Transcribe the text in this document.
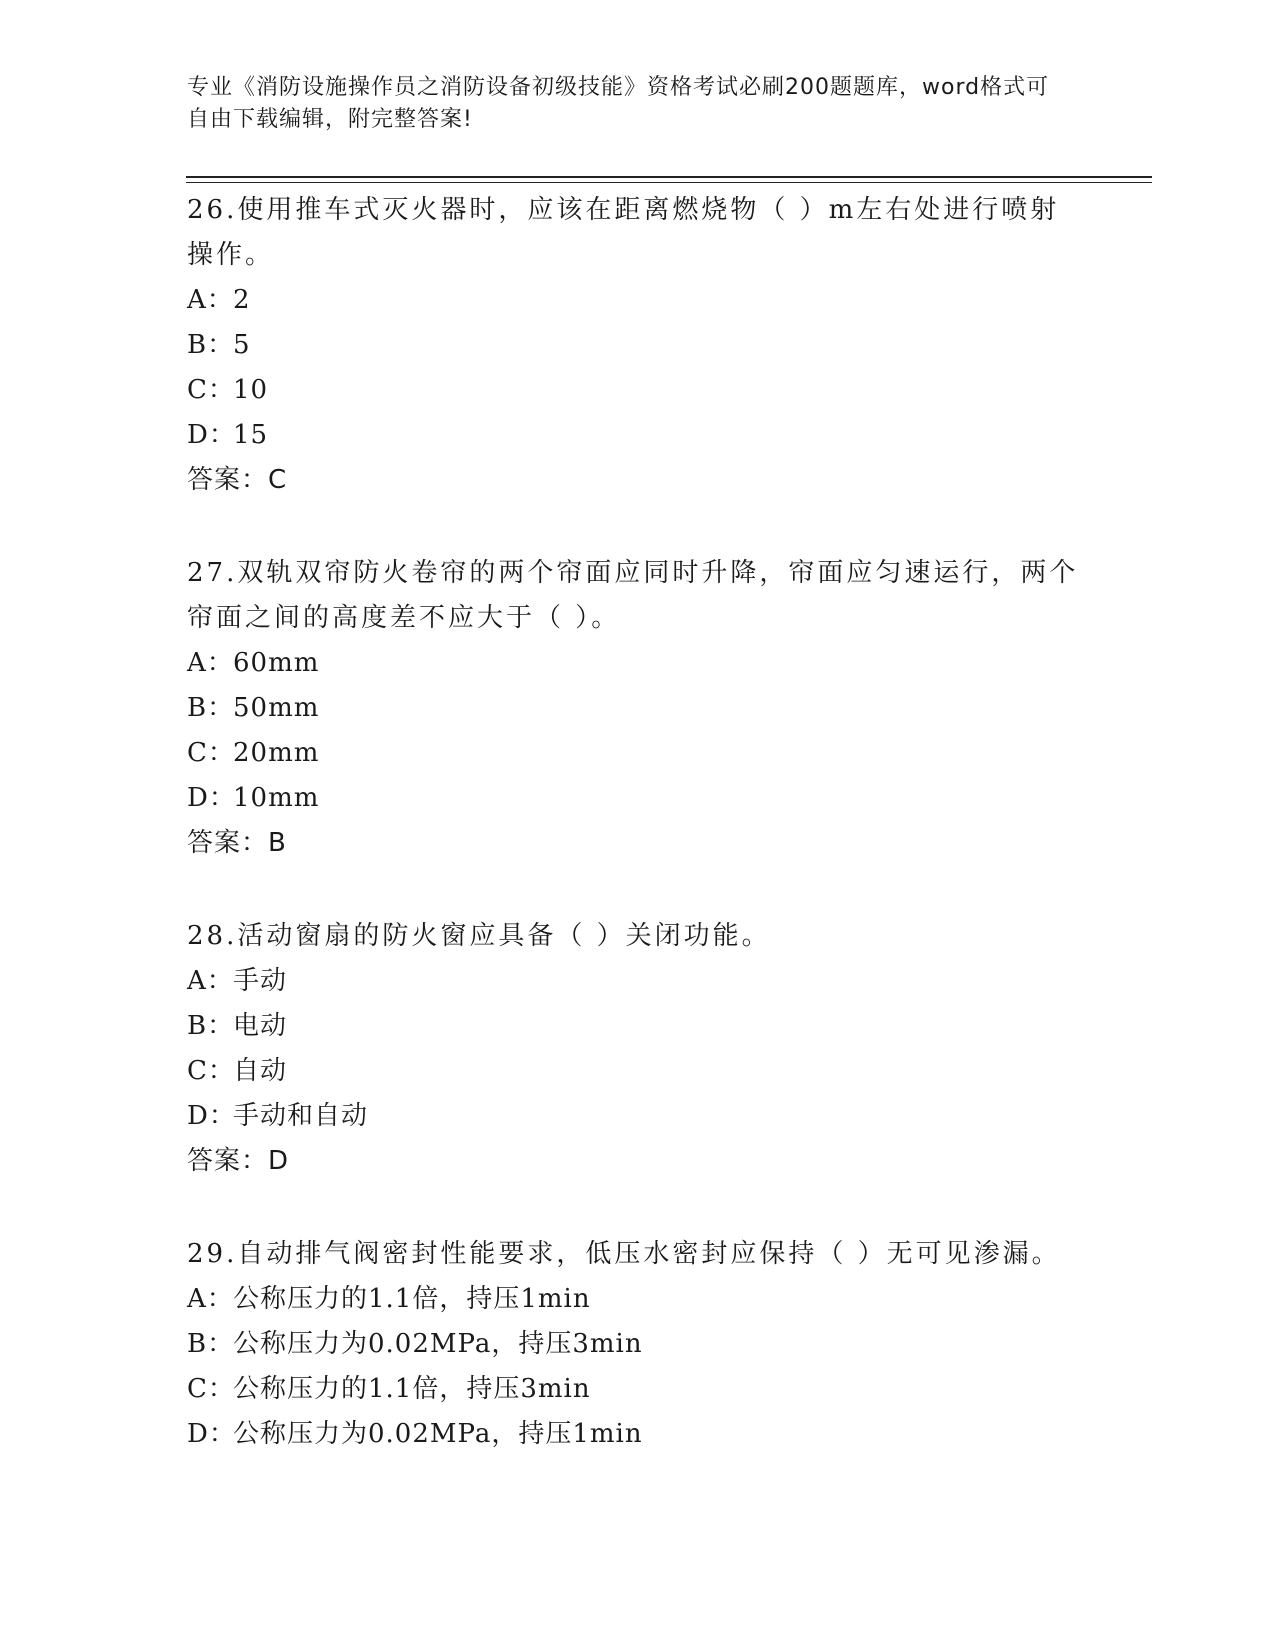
专业《消防设施操作员之消防设备初级技能》资格考试必刷200题题库，word格式可自由下载编辑，附完整答案!
26.使用推车式灭火器时，应该在距离燃烧物（ ）m左右处进行喷射操作。
A：2
B：5
C：10
D：15
答案：C
27.双轨双帘防火卷帘的两个帘面应同时升降，帘面应匀速运行，两个帘面之间的高度差不应大于（ ）。
A：60mm
B：50mm
C：20mm
D：10mm
答案：B
28.活动窗扇的防火窗应具备（ ）关闭功能。
A：手动
B：电动
C：自动
D：手动和自动
答案：D
29.自动排气阀密封性能要求，低压水密封应保持（ ）无可见渗漏。
A：公称压力的1.1倍，持压1min
B：公称压力为0.02MPa，持压3min
C：公称压力的1.1倍，持压3min
D：公称压力为0.02MPa，持压1min
